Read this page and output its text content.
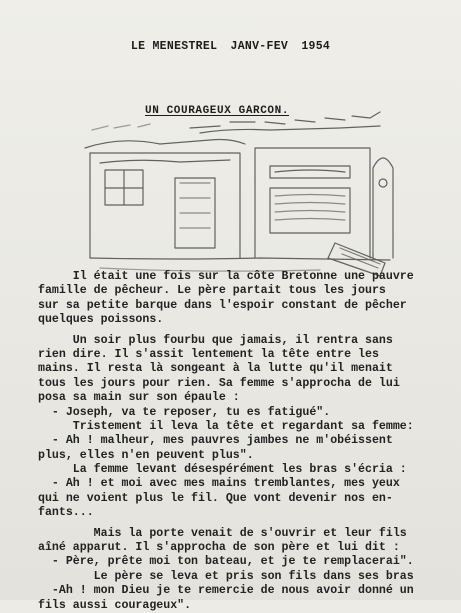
LE MENESTREL JANV-FEV 1954
UN COURAGEUX GARCON.
Il était une fois sur la côte Bretonne une pauvre
famille de pêcheur. Le père partait tous les jours
sur sa petite barque dans l'espoir constant de pêcher
quelques poissons.
Un soir plus fourbu que jamais, il rentra sans
rien dire. Il s'assit lentement la tête entre les
mains. Il resta là songeant à la lutte qu'il menait
tous les jours pour rien. Sa femme s'approcha de lui
posa sa main sur son épaule :
- Joseph, va te reposer, tu es fatigué".
Tristement il leva la tête et regardant sa femme:
- Ah ! malheur, mes pauvres jambes ne m'obéissent
plus, elles n'en peuvent plus".
La femme levant désespérément les bras s'écria :
- Ah ! et moi avec mes mains tremblantes, mes yeux
qui ne voient plus le fil. Que vont devenir nos en-
fants...
Mais la porte venait de s'ouvrir et leur fils
aîné apparut. Il s'approcha de son père et lui dit :
- Père, prête moi ton bateau, et je te remplacerai".
Le père se leva et pris son fils dans ses bras
-Ah ! mon Dieu je te remercie de nous avoir donné un
fils aussi courageux".
